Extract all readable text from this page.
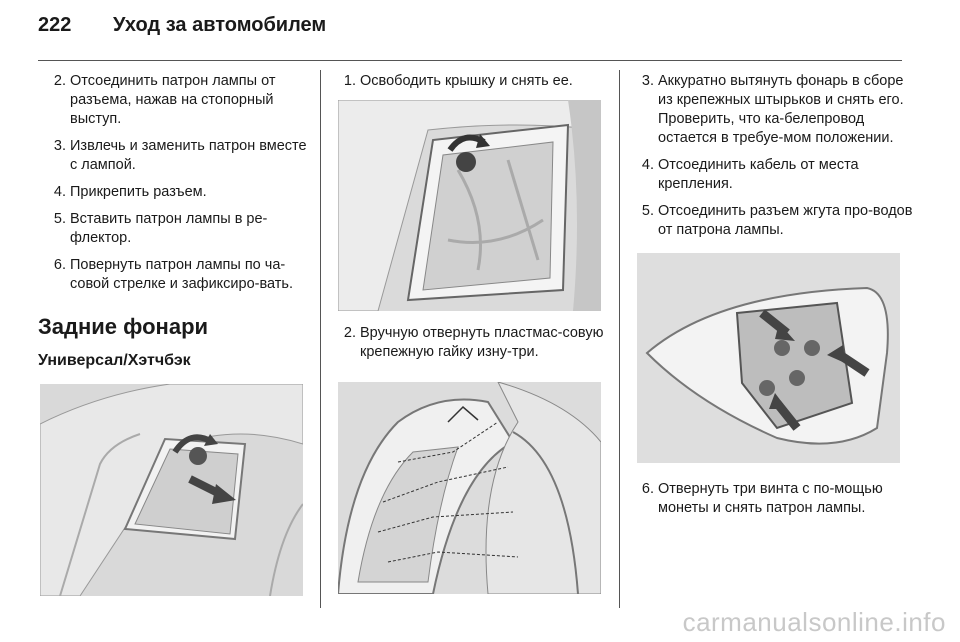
222 Уход за автомобилем
2. Отсоединить патрон лампы от разъема, нажав на стопорный выступ.
3. Извлечь и заменить патрон вместе с лампой.
4. Прикрепить разъем.
5. Вставить патрон лампы в ре-флектор.
6. Повернуть патрон лампы по ча-совой стрелке и зафиксиро-вать.
Задние фонари
Универсал/Хэтчбэк
1. Освободить крышку и снять ее.
2. Вручную отвернуть пластмас-совую крепежную гайку изну-три.
3. Аккуратно вытянуть фонарь в сборе из крепежных штырьков и снять его. Проверить, что ка-белепровод остается в требуе-мом положении.
4. Отсоединить кабель от места крепления.
5. Отсоединить разъем жгута про-водов от патрона лампы.
6. Отвернуть три винта с по-мощью монеты и снять патрон лампы.
carmanualsonline.info
